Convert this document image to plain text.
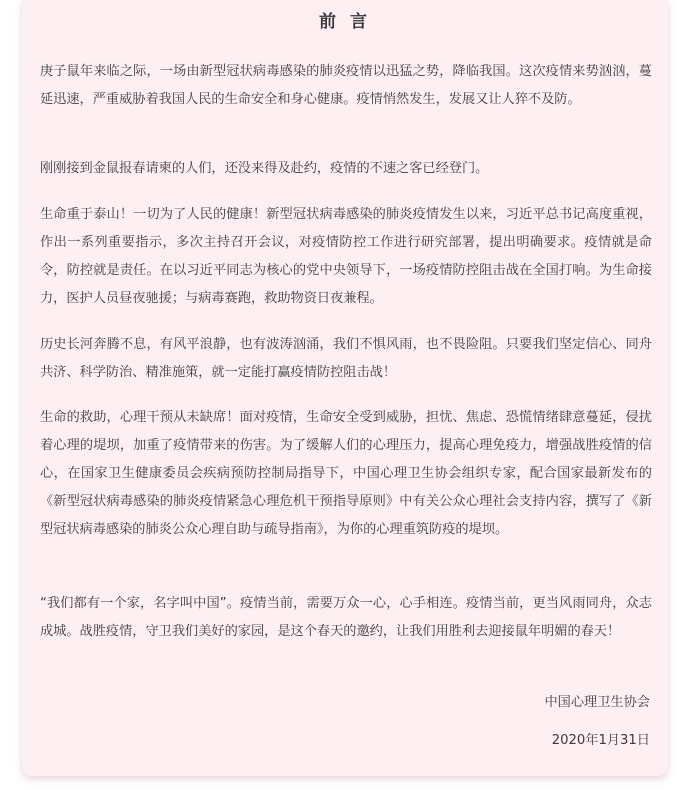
前 言

庚子鼠年来临之际，一场由新型冠状病毒感染的肺炎疫情以迅猛之势，降临我国。这次疫情来势汹汹，蔓延迅速，严重威胁着我国人民的生命安全和身心健康。疫情悄然发生，发展又让人猝不及防。

刚刚接到金鼠报春请柬的人们，还没来得及赴约，疫情的不速之客已经登门。

生命重于泰山！一切为了人民的健康！新型冠状病毒感染的肺炎疫情发生以来，习近平总书记高度重视，作出一系列重要指示，多次主持召开会议，对疫情防控工作进行研究部署，提出明确要求。疫情就是命令，防控就是责任。在以习近平同志为核心的党中央领导下，一场疫情防控阻击战在全国打响。为生命接力，医护人员昼夜驰援；与病毒赛跑，救助物资日夜兼程。

历史长河奔腾不息，有风平浪静，也有波涛汹涌，我们不惧风雨，也不畏险阻。只要我们坚定信心、同舟共济、科学防治、精准施策，就一定能打赢疫情防控阻击战！

生命的救助，心理干预从未缺席！面对疫情，生命安全受到威胁，担忧、焦虑、恐慌情绪肆意蔓延，侵扰着心理的堤坝，加重了疫情带来的伤害。为了缓解人们的心理压力，提高心理免疫力，增强战胜疫情的信心，在国家卫生健康委员会疾病预防控制局指导下，中国心理卫生协会组织专家，配合国家最新发布的《新型冠状病毒感染的肺炎疫情紧急心理危机干预指导原则》中有关公众心理社会支持内容，撰写了《新型冠状病毒感染的肺炎公众心理自助与疏导指南》，为你的心理重筑防疫的堤坝。

“我们都有一个家，名字叫中国”。疫情当前，需要万众一心，心手相连。疫情当前，更当风雨同舟，众志成城。战胜疫情，守卫我们美好的家园，是这个春天的邀约，让我们用胜利去迎接鼠年明媚的春天！

中国心理卫生协会
2020年1月31日
